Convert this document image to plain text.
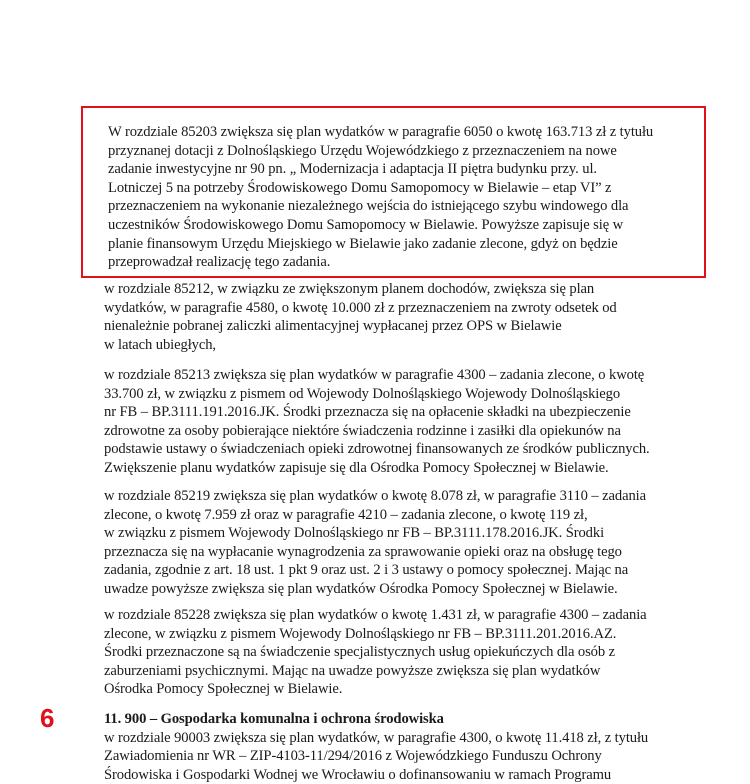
W rozdziale 85203 zwiększa się plan wydatków w paragrafie 6050 o kwotę 163.713 zł z tytułu

przyznanej dotacji z Dolnośląskiego Urzędu Wojewódzkiego z przeznaczeniem na nowe

zadanie inwestycyjne nr 90 pn. „ Modernizacja i adaptacja II piętra budynku przy. ul.

Lotniczej 5 na potrzeby Środowiskowego Domu Samopomocy w Bielawie – etap VI” z

przeznaczeniem na wykonanie niezależnego wejścia do istniejącego szybu windowego dla

uczestników Środowiskowego Domu Samopomocy w Bielawie. Powyższe zapisuje się w

planie finansowym Urzędu Miejskiego w Bielawie jako zadanie zlecone, gdyż on będzie

przeprowadzał realizację tego zadania.

w rozdziale 85212, w związku ze zwiększonym planem dochodów, zwiększa się plan

wydatków, w paragrafie 4580, o kwotę 10.000 zł z przeznaczeniem na zwroty odsetek od

nienależnie pobranej zaliczki alimentacyjnej wypłacanej przez OPS w Bielawie

w latach ubiegłych,

w rozdziale 85213 zwiększa się plan wydatków w paragrafie 4300 – zadania zlecone, o kwotę

33.700 zł, w związku z pismem od Wojewody Dolnośląskiego Wojewody Dolnośląskiego

nr FB – BP.3111.191.2016.JK. Środki przeznacza się na opłacenie składki na ubezpieczenie

zdrowotne za osoby pobierające niektóre świadczenia rodzinne i zasiłki dla opiekunów na

podstawie ustawy o świadczeniach opieki zdrowotnej finansowanych ze środków publicznych.

Zwiększenie planu wydatków zapisuje się dla Ośrodka Pomocy Społecznej w Bielawie.

w rozdziale 85219 zwiększa się plan wydatków o kwotę 8.078 zł, w paragrafie 3110 – zadania

zlecone, o kwotę 7.959 zł oraz w paragrafie 4210 – zadania zlecone, o kwotę 119 zł,

w związku z pismem Wojewody Dolnośląskiego nr FB – BP.3111.178.2016.JK. Środki

przeznacza się na wypłacanie wynagrodzenia za sprawowanie opieki oraz na obsługę tego

zadania, zgodnie z art. 18 ust. 1 pkt 9 oraz ust. 2 i 3 ustawy o pomocy społecznej. Mając na

uwadze powyższe zwiększa się plan wydatków Ośrodka Pomocy Społecznej w Bielawie.

w rozdziale 85228 zwiększa się plan wydatków o kwotę 1.431 zł, w paragrafie 4300 – zadania

zlecone, w związku z pismem Wojewody Dolnośląskiego nr FB – BP.3111.201.2016.AZ.

Środki przeznaczone są na świadczenie specjalistycznych usług opiekuńczych dla osób z

zaburzeniami psychicznymi. Mając na uwadze powyższe zwiększa się plan wydatków

Ośrodka Pomocy Społecznej w Bielawie.

6	11. 900 – Gospodarka komunalna i ochrona środowiska

w rozdziale 90003 zwiększa się plan wydatków, w paragrafie 4300, o kwotę 11.418 zł, z tytułu

Zawiadomienia nr WR – ZIP-4103-11/294/2016 z Wojewódzkiego Funduszu Ochrony

Środowiska i Gospodarki Wodnej we Wrocławiu o dofinansowaniu w ramach Programu
